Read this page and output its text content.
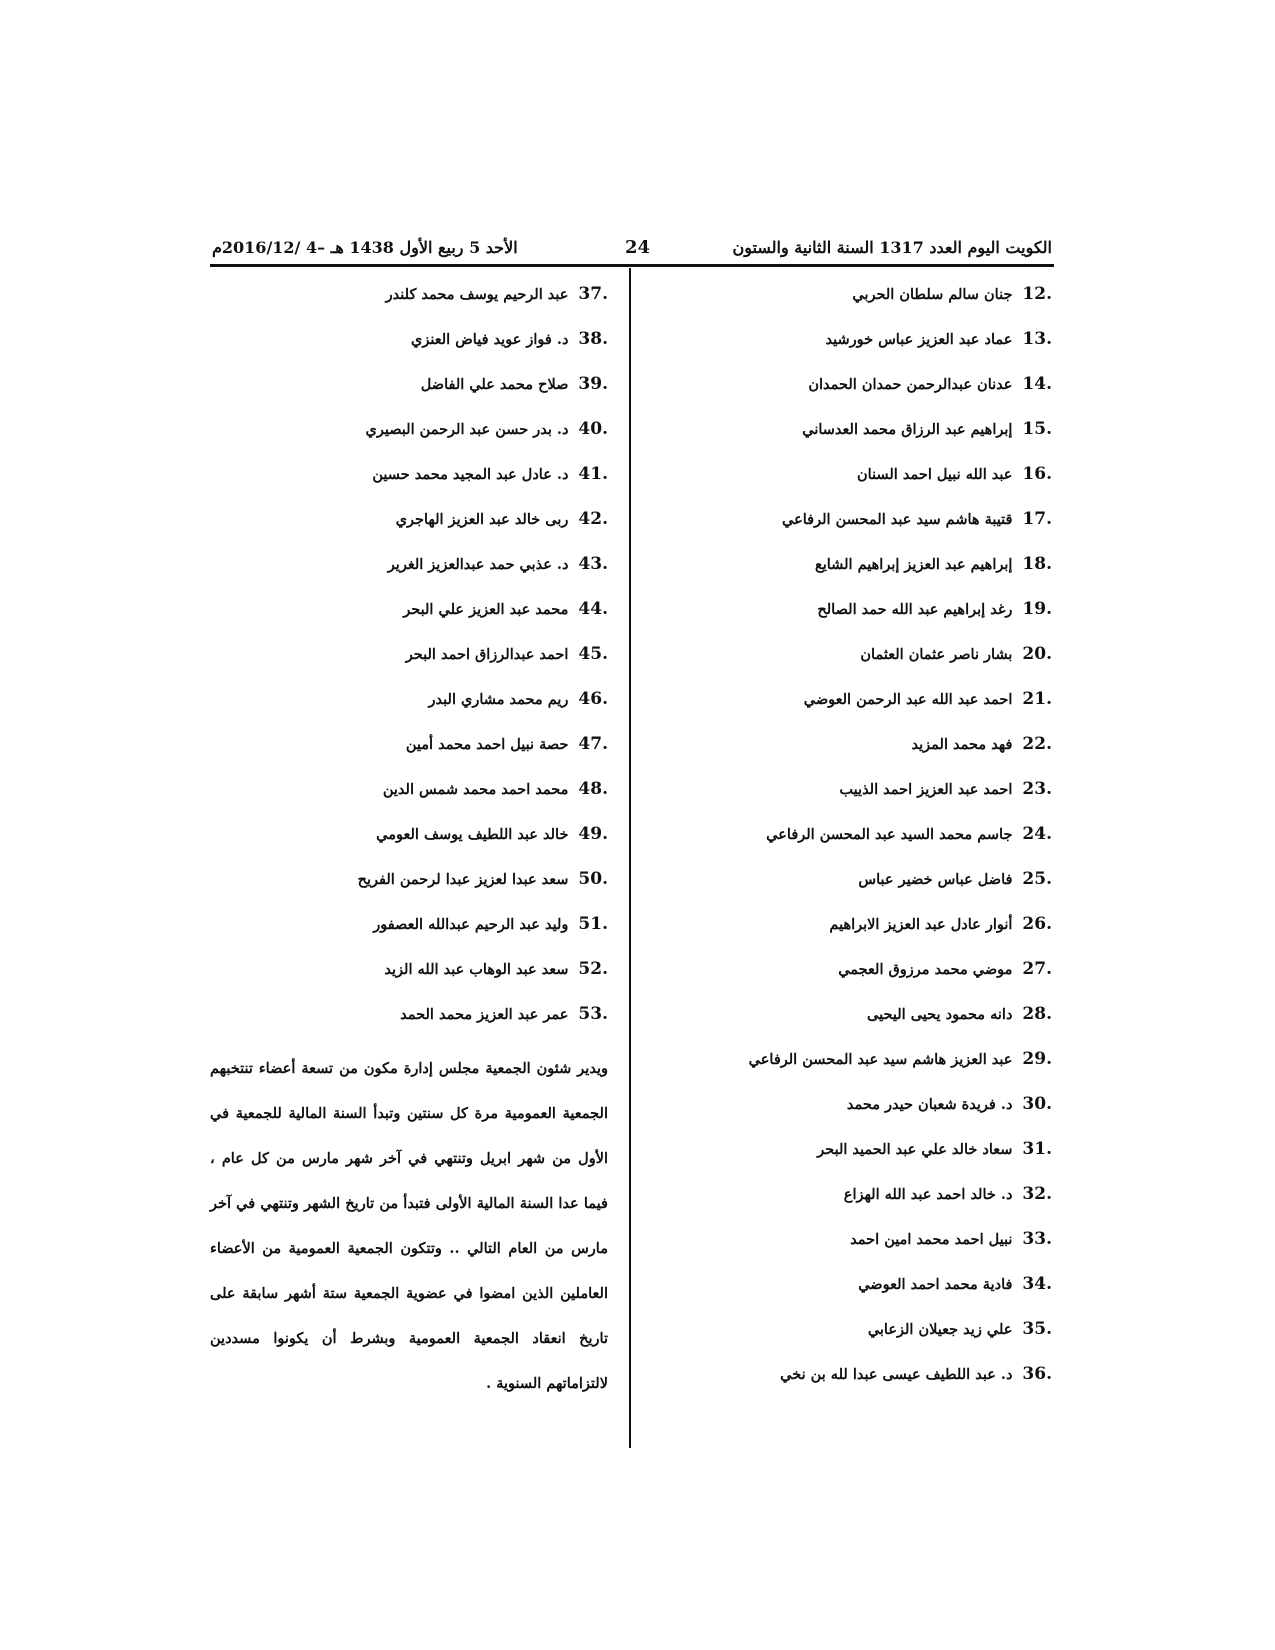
الكويت اليوم العدد 1317 السنة الثانية والستون
24
الأحد 5 ربيع الأول 1438 هـ –4 /2016/12م
12.جنان سالم سلطان الحربي
13.عماد عبد العزيز عباس خورشيد
14.عدنان عبدالرحمن حمدان الحمدان
15.إبراهيم عبد الرزاق محمد العدساني
16.عبد الله نبيل احمد السنان
17.قتيبة هاشم سيد عبد المحسن الرفاعي
18.إبراهيم عبد العزيز إبراهيم الشايع
19.رغد إبراهيم عبد الله حمد الصالح
20.بشار ناصر عثمان العثمان
21.احمد عبد الله عبد الرحمن العوضي
22.فهد محمد المزيد
23.احمد عبد العزيز احمد الذييب
24.جاسم محمد السيد عبد المحسن الرفاعي
25.فاضل عباس خضير عباس
26.أنوار عادل عبد العزيز الابراهيم
27.موضي محمد مرزوق العجمي
28.دانه محمود يحيى اليحيى
29.عبد العزيز هاشم سيد عبد المحسن الرفاعي
30.د. فريدة شعبان حيدر محمد
31.سعاد خالد علي عبد الحميد البحر
32.د. خالد احمد عبد الله الهزاع
33.نبيل احمد محمد امين احمد
34.فادية محمد احمد العوضي
35.علي زيد جعيلان الزعابي
36.د. عبد اللطيف عيسى عبدا لله بن نخي
37.عبد الرحيم يوسف محمد كلندر
38.د. فواز عويد فياض العنزي
39.صلاح محمد علي الفاضل
40.د. بدر حسن عبد الرحمن البصيري
41.د. عادل عبد المجيد محمد حسين
42.ربى خالد عبد العزيز الهاجري
43.د. عذبي حمد عبدالعزيز الغرير
44.محمد عبد العزيز علي البحر
45.احمد عبدالرزاق احمد البحر
46.ريم محمد مشاري البدر
47.حصة نبيل احمد محمد أمين
48.محمد احمد محمد شمس الدين
49.خالد عبد اللطيف يوسف العومي
50.سعد عبدا لعزيز عبدا لرحمن الفريح
51.وليد عبد الرحيم عبدالله العصفور
52.سعد عبد الوهاب عبد الله الزيد
53.عمر عبد العزيز محمد الحمد

ويدير شئون الجمعية مجلس إدارة مكون من تسعة أعضاء تنتخبهم الجمعية العمومية مرة كل سنتين وتبدأ السنة المالية للجمعية في الأول من شهر ابريل وتنتهي في آخر شهر مارس من كل عام ، فيما عدا السنة المالية الأولى فتبدأ من تاريخ الشهر وتنتهي في آخر مارس من العام التالي .. وتتكون الجمعية العمومية من الأعضاء العاملين الذين امضوا في عضوية الجمعية ستة أشهر سابقة على تاريخ انعقاد الجمعية العمومية وبشرط أن يكونوا مسددين لالتزاماتهم السنوية .
